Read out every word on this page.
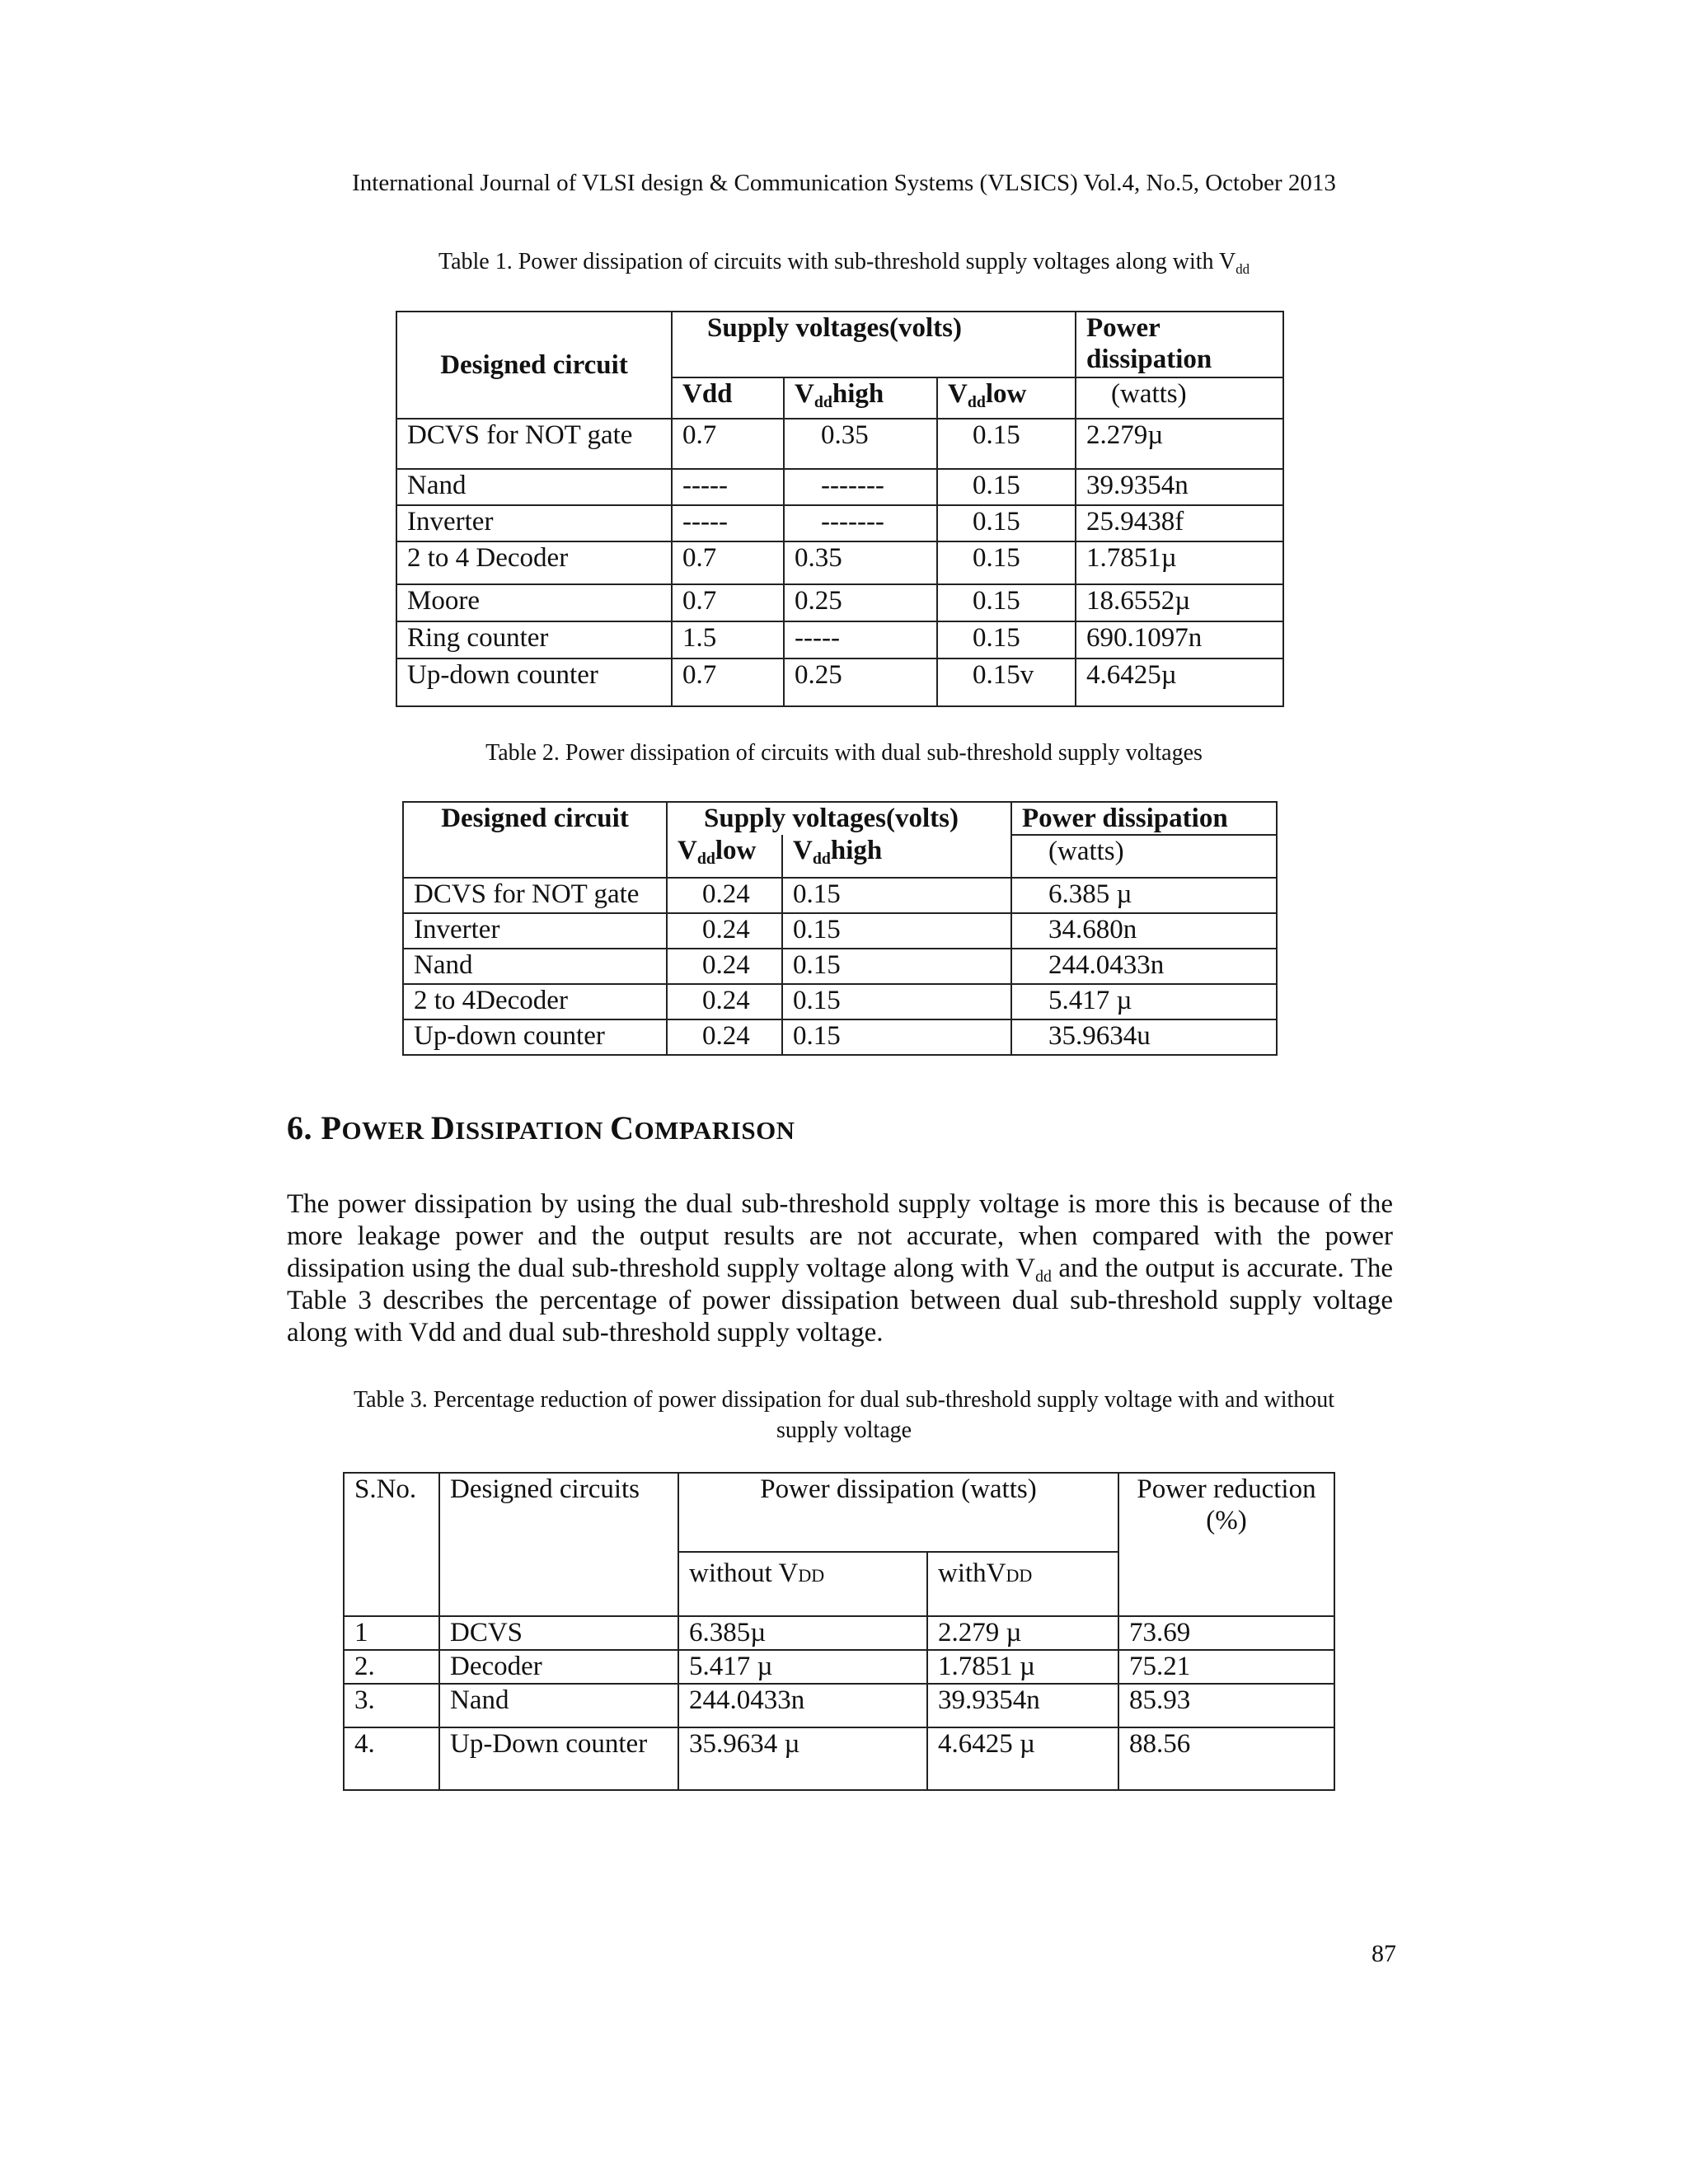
International Journal of VLSI design & Communication Systems (VLSICS) Vol.4, No.5, October 2013
Table 1. Power dissipation of circuits with sub-threshold supply voltages along with $V_{dd}$
Designed circuit	Supply voltages(volts)			Power
dissipation

	Vdd	$V_{dd}high$	$V_{dd}low$	(watts)
DCVS for NOT gate	0.7	0.35	0.15	2.279µ
Nand	-----	-------	0.15	39.9354n
Inverter	-----	-------	0.15	25.9438f
2 to 4 Decoder	0.7	0.35	0.15	1.7851µ
Moore	0.7	0.25	0.15	18.6552µ
Ring counter	1.5	-----	0.15	690.1097n
Up-down counter	0.7	0.25	0.15v	4.6425µ
Table 2. Power dissipation of circuits with dual sub-threshold supply voltages
Designed circuit	Supply voltages(volts)		Power dissipation
	$V_{dd}low$	$V_{dd}high$	(watts)
DCVS for NOT gate	0.24	0.15	6.385 µ
Inverter	0.24	0.15	34.680n
Nand	0.24	0.15	244.0433n
2 to 4Decoder	0.24	0.15	5.417 µ
Up-down counter	0.24	0.15	35.9634u
6. POWER DISSIPATION COMPARISON
The power dissipation by using the dual sub-threshold supply voltage is more this is because of the more leakage power and the output results are not accurate, when compared with the power dissipation using the dual sub-threshold supply voltage along with $V_{dd}$ and the output is accurate. The Table 3 describes the percentage of power dissipation between dual sub-threshold supply voltage along with Vdd and dual sub-threshold supply voltage.
Table 3. Percentage reduction of power dissipation for dual sub-threshold supply voltage with and without
supply voltage
S.No.	Designed circuits	Power dissipation (watts)		Power reduction
(%)

		without VDD	withVDD	
1	DCVS	6.385µ	2.279 µ	73.69
2.	Decoder	5.417 µ	1.7851 µ	75.21
3.	Nand	244.0433n	39.9354n	85.93
4.	Up-Down counter	35.9634 µ	4.6425 µ	88.56
87
